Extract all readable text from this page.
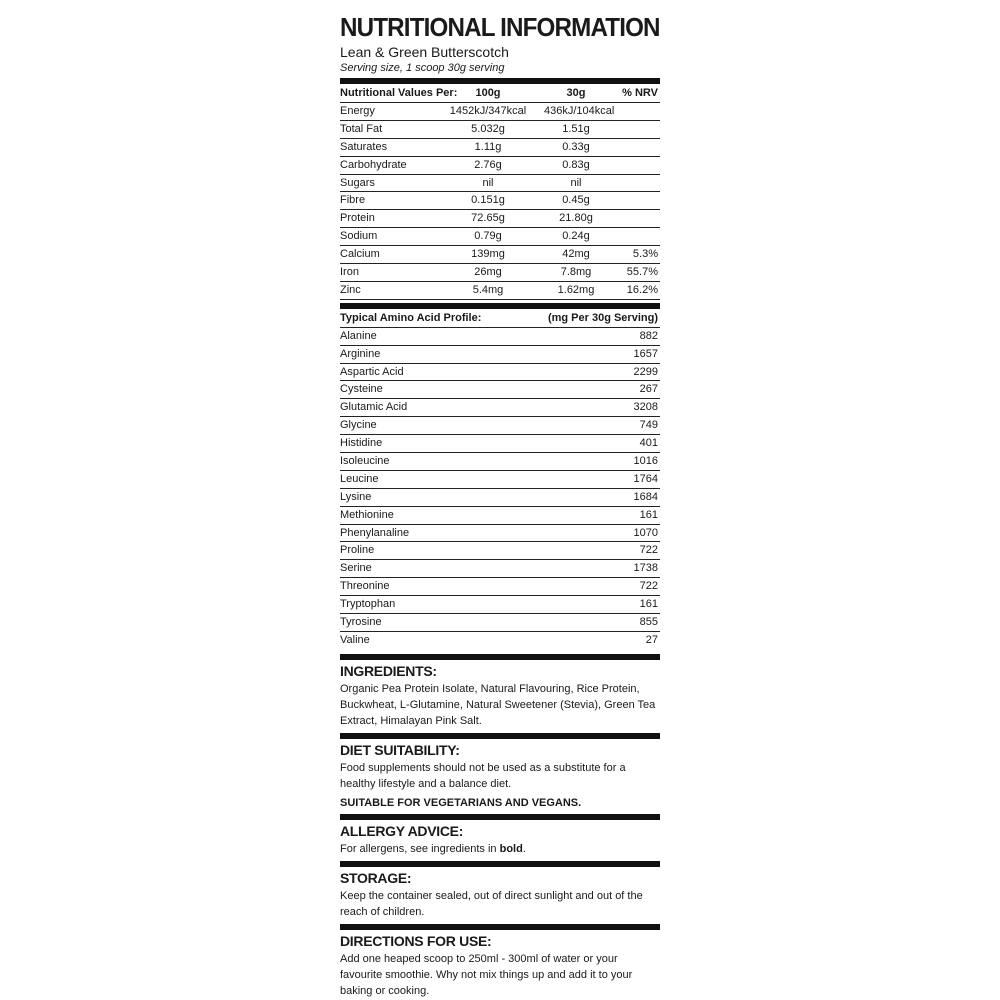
NUTRITIONAL INFORMATION
Lean & Green Butterscotch
Serving size, 1 scoop 30g serving
Nutritional Values Per:	100g	30g	% NRV
Energy	1452kJ/347kcal	436kJ/104kcal
Total Fat	5.032g	1.51g
Saturates	1.11g	0.33g
Carbohydrate	2.76g	0.83g
Sugars	nil	nil
Fibre	0.151g	0.45g
Protein	72.65g	21.80g
Sodium	0.79g	0.24g
Calcium	139mg	42mg	5.3%
Iron	26mg	7.8mg	55.7%
Zinc	5.4mg	1.62mg	16.2%
Typical Amino Acid Profile:	(mg Per 30g Serving)
Alanine	882
Arginine	1657
Aspartic Acid	2299
Cysteine	267
Glutamic Acid	3208
Glycine	749
Histidine	401
Isoleucine	1016
Leucine	1764
Lysine	1684
Methionine	161
Phenylanaline	1070
Proline	722
Serine	1738
Threonine	722
Tryptophan	161
Tyrosine	855
Valine	27
INGREDIENTS:
Organic Pea Protein Isolate, Natural Flavouring, Rice Protein, Buckwheat, L-Glutamine, Natural Sweetener (Stevia), Green Tea Extract, Himalayan Pink Salt.
DIET SUITABILITY:
Food supplements should not be used as a substitute for a healthy lifestyle and a balance diet.
SUITABLE FOR VEGETARIANS AND VEGANS.
ALLERGY ADVICE:
For allergens, see ingredients in bold.
STORAGE:
Keep the container sealed, out of direct sunlight and out of the reach of children.
DIRECTIONS FOR USE:
Add one heaped scoop to 250ml - 300ml of water or your favourite smoothie. Why not mix things up and add it to your baking or cooking.
